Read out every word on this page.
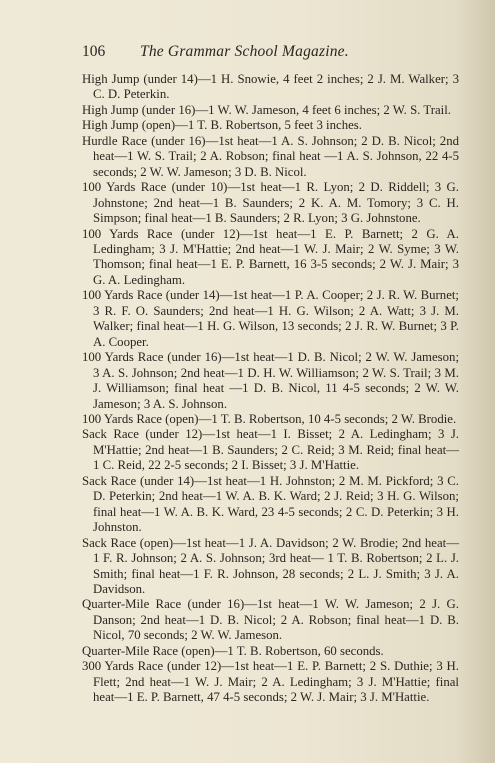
106 The Grammar School Magazine.

High Jump (under 14)—1 H. Snowie, 4 feet 2 inches; 2 J. M. Walker; 3 C. D. Peterkin.

High Jump (under 16)—1 W. W. Jameson, 4 feet 6 inches; 2 W. S. Trail.

High Jump (open)—1 T. B. Robertson, 5 feet 3 inches.

Hurdle Race (under 16)—1st heat—1 A. S. Johnson; 2 D. B. Nicol; 2nd heat—1 W. S. Trail; 2 A. Robson; final heat —1 A. S. Johnson, 22 4-5 seconds; 2 W. W. Jameson; 3 D. B. Nicol.

100 Yards Race (under 10)—1st heat—1 R. Lyon; 2 D. Riddell; 3 G. Johnstone; 2nd heat—1 B. Saunders; 2 K. A. M. Tomory; 3 C. H. Simpson; final heat—1 B. Saunders; 2 R. Lyon; 3 G. Johnstone.

100 Yards Race (under 12)—1st heat—1 E. P. Barnett; 2 G. A. Ledingham; 3 J. M'Hattie; 2nd heat—1 W. J. Mair; 2 W. Syme; 3 W. Thomson; final heat—1 E. P. Barnett, 16 3-5 seconds; 2 W. J. Mair; 3 G. A. Ledingham.

100 Yards Race (under 14)—1st heat—1 P. A. Cooper; 2 J. R. W. Burnet; 3 R. F. O. Saunders; 2nd heat—1 H. G. Wilson; 2 A. Watt; 3 J. M. Walker; final heat—1 H. G. Wilson, 13 seconds; 2 J. R. W. Burnet; 3 P. A. Cooper.

100 Yards Race (under 16)—1st heat—1 D. B. Nicol; 2 W. W. Jameson; 3 A. S. Johnson; 2nd heat—1 D. H. W. Williamson; 2 W. S. Trail; 3 M. J. Williamson; final heat —1 D. B. Nicol, 11 4-5 seconds; 2 W. W. Jameson; 3 A. S. Johnson.

100 Yards Race (open)—1 T. B. Robertson, 10 4-5 seconds; 2 W. Brodie.

Sack Race (under 12)—1st heat—1 I. Bisset; 2 A. Ledingham; 3 J. M'Hattie; 2nd heat—1 B. Saunders; 2 C. Reid; 3 M. Reid; final heat—1 C. Reid, 22 2-5 seconds; 2 I. Bisset; 3 J. M'Hattie.

Sack Race (under 14)—1st heat—1 H. Johnston; 2 M. M. Pickford; 3 C. D. Peterkin; 2nd heat—1 W. A. B. K. Ward; 2 J. Reid; 3 H. G. Wilson; final heat—1 W. A. B. K. Ward, 23 4-5 seconds; 2 C. D. Peterkin; 3 H. Johnston.

Sack Race (open)—1st heat—1 J. A. Davidson; 2 W. Brodie; 2nd heat—1 F. R. Johnson; 2 A. S. Johnson; 3rd heat— 1 T. B. Robertson; 2 L. J. Smith; final heat—1 F. R. Johnson, 28 seconds; 2 L. J. Smith; 3 J. A. Davidson.

Quarter-Mile Race (under 16)—1st heat—1 W. W. Jameson; 2 J. G. Danson; 2nd heat—1 D. B. Nicol; 2 A. Robson; final heat—1 D. B. Nicol, 70 seconds; 2 W. W. Jameson.

Quarter-Mile Race (open)—1 T. B. Robertson, 60 seconds.

300 Yards Race (under 12)—1st heat—1 E. P. Barnett; 2 S. Duthie; 3 H. Flett; 2nd heat—1 W. J. Mair; 2 A. Ledingham; 3 J. M'Hattie; final heat—1 E. P. Barnett, 47 4-5 seconds; 2 W. J. Mair; 3 J. M'Hattie.
